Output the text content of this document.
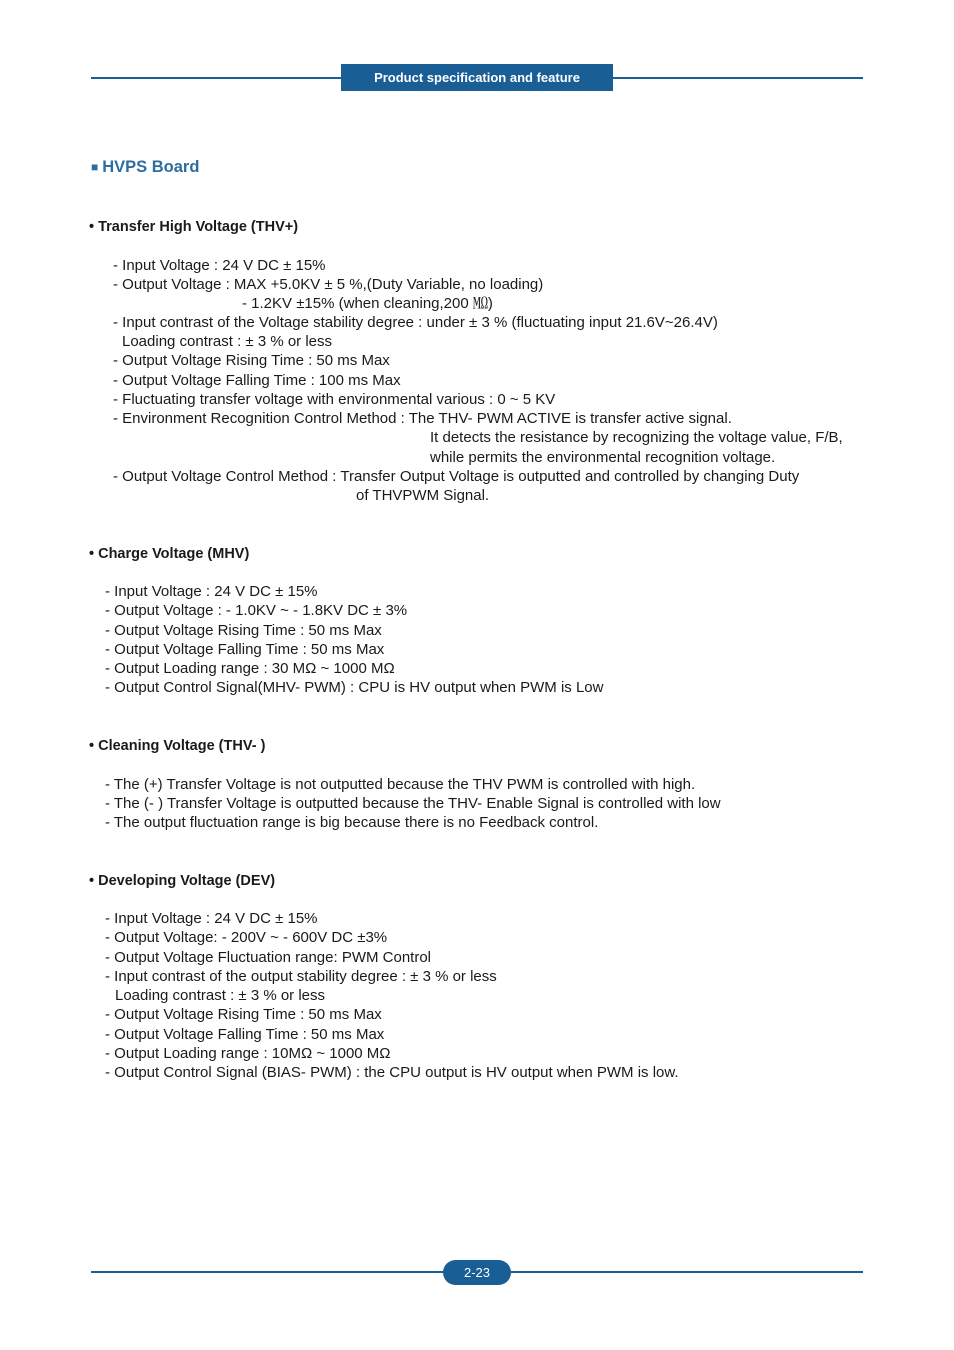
Product specification and feature
■ HVPS Board
• Transfer High Voltage (THV+)
- Input Voltage : 24 V DC ± 15%
- Output Voltage : MAX +5.0KV ± 5 %,(Duty Variable, no loading)
- 1.2KV ±15% (when cleaning,200 ㏁)
- Input contrast of the Voltage stability degree : under ± 3 % (fluctuating input 21.6V~26.4V)
Loading contrast : ± 3 % or less
- Output Voltage Rising Time : 50 ms Max
- Output Voltage Falling Time : 100 ms Max
- Fluctuating transfer voltage with environmental various : 0 ~ 5 KV
- Environment Recognition Control Method : The THV- PWM ACTIVE is transfer active signal.
It detects the resistance by recognizing the voltage value, F/B,
while permits the environmental recognition voltage.
- Output Voltage Control Method : Transfer Output Voltage is outputted and controlled by changing Duty
of THVPWM Signal.
• Charge Voltage (MHV)
- Input Voltage : 24 V DC ± 15%
- Output Voltage : - 1.0KV ~ - 1.8KV DC ± 3%
- Output Voltage Rising Time : 50 ms Max
- Output Voltage Falling Time : 50 ms Max
- Output Loading range : 30 MΩ ~ 1000 MΩ
- Output Control Signal(MHV- PWM) : CPU is HV output when PWM is Low
• Cleaning Voltage (THV- )
- The (+) Transfer Voltage is not outputted because the THV PWM is controlled with high.
- The (- ) Transfer Voltage is outputted because the THV- Enable Signal is controlled with low
- The output fluctuation range is big because there is no Feedback control.
• Developing Voltage (DEV)
- Input Voltage : 24 V DC ± 15%
- Output Voltage: - 200V ~ - 600V DC ±3%
- Output Voltage Fluctuation range: PWM Control
- Input contrast of the output stability degree : ± 3 % or less
Loading contrast : ± 3 % or less
- Output Voltage Rising Time : 50 ms Max
- Output Voltage Falling Time : 50 ms Max
- Output Loading range : 10MΩ ~ 1000 MΩ
- Output Control Signal (BIAS- PWM) : the CPU output is HV output when PWM is low.
2-23
